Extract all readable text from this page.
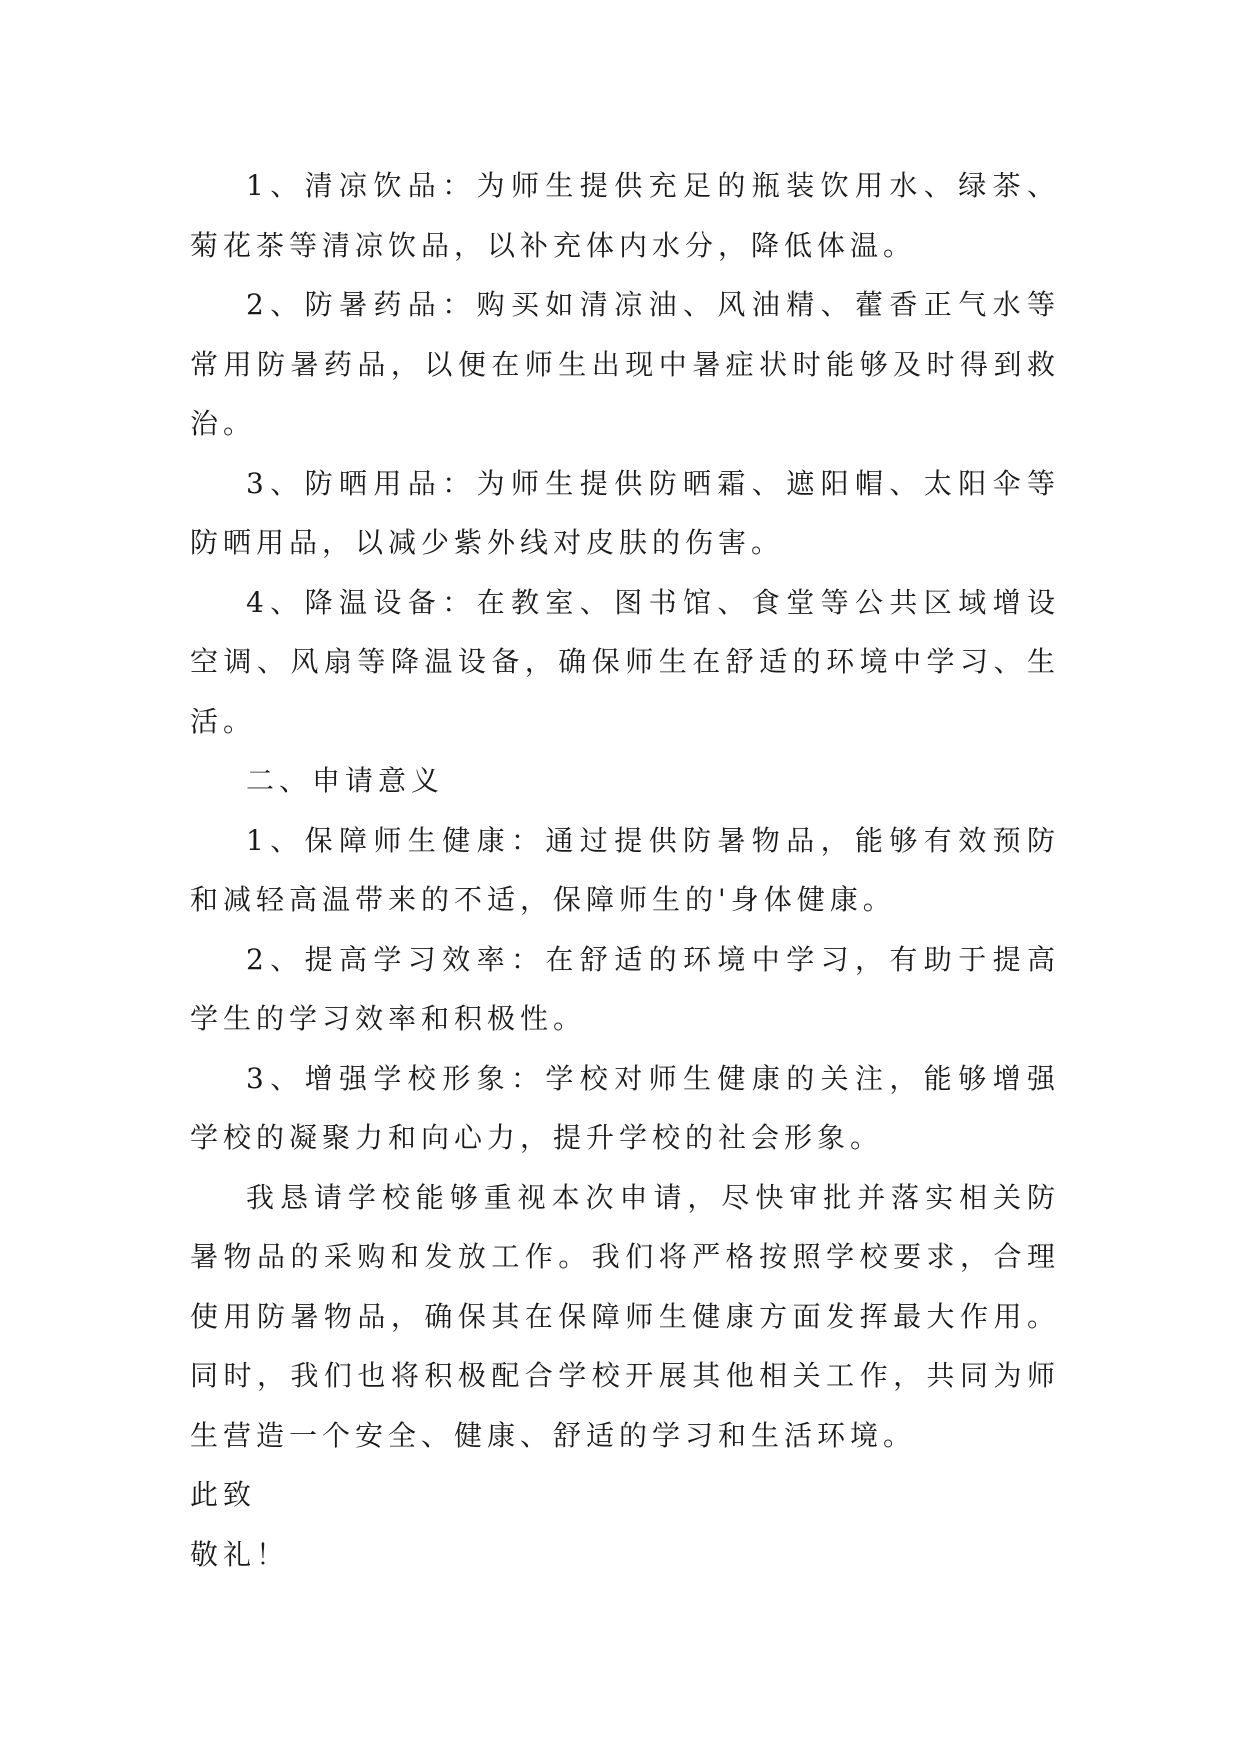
1、清凉饮品：为师生提供充足的瓶装饮用水、绿茶、菊花茶等清凉饮品，以补充体内水分，降低体温。

2、防暑药品：购买如清凉油、风油精、藿香正气水等常用防暑药品，以便在师生出现中暑症状时能够及时得到救治。

3、防晒用品：为师生提供防晒霜、遮阳帽、太阳伞等防晒用品，以减少紫外线对皮肤的伤害。

4、降温设备：在教室、图书馆、食堂等公共区域增设空调、风扇等降温设备，确保师生在舒适的环境中学习、生活。

二、申请意义

1、保障师生健康：通过提供防暑物品，能够有效预防和减轻高温带来的不适，保障师生的'身体健康。

2、提高学习效率：在舒适的环境中学习，有助于提高学生的学习效率和积极性。

3、增强学校形象：学校对师生健康的关注，能够增强学校的凝聚力和向心力，提升学校的社会形象。

我恳请学校能够重视本次申请，尽快审批并落实相关防暑物品的采购和发放工作。我们将严格按照学校要求，合理使用防暑物品，确保其在保障师生健康方面发挥最大作用。同时，我们也将积极配合学校开展其他相关工作，共同为师生营造一个安全、健康、舒适的学习和生活环境。

此致

敬礼！
